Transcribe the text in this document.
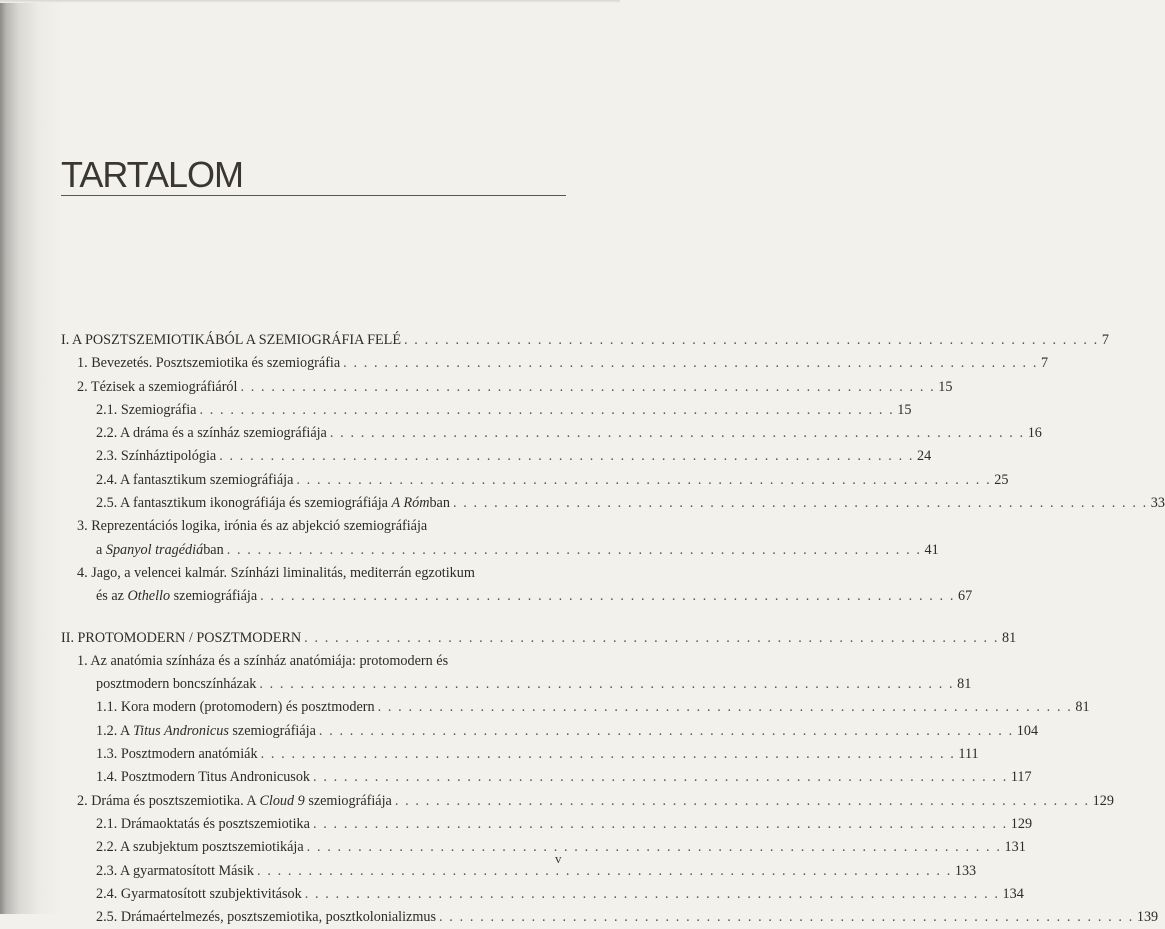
TARTALOM
I. A POSZTSZEMIOTIKÁBÓL A SZEMIOGRÁFIA FELÉ . . . . . . . . . . . . . . . . . . . . . . . . . . . . . . . . . . . . . . . . . . . . . . . . . . . . . . . . . . . . . . . . . . . . 7
1. Bevezetés. Posztszemiotika és szemiográfia . . . . . . . . . . . . . . . . . . . . . . . . . . . . . . . . . . . . . . . . . . . . . . . . . . . . . . . . . . . . . . . . . . . . 7
2. Tézisek a szemiográfiáról . . . . . . . . . . . . . . . . . . . . . . . . . . . . . . . . . . . . . . . . . . . . . . . . . . . . . . . . . . . . . . . . . . . . 15
2.1. Szemiográfia . . . . . . . . . . . . . . . . . . . . . . . . . . . . . . . . . . . . . . . . . . . . . . . . . . . . . . . . . . . . . . . . . . . . 15
2.2. A dráma és a színház szemiográfiája . . . . . . . . . . . . . . . . . . . . . . . . . . . . . . . . . . . . . . . . . . . . . . . . . . . . . . . . . . . . . . . . . . . . 16
2.3. Színháztipológia . . . . . . . . . . . . . . . . . . . . . . . . . . . . . . . . . . . . . . . . . . . . . . . . . . . . . . . . . . . . . . . . . . . . 24
2.4. A fantasztikum szemiográfiája . . . . . . . . . . . . . . . . . . . . . . . . . . . . . . . . . . . . . . . . . . . . . . . . . . . . . . . . . . . . . . . . . . . . 25
2.5. A fantasztikum ikonográfiája és szemiográfiája A Rómban . . . . . . . . . . . . . . . . . . . . . . . . . . . . . . . . . . . . . . . . . . . . . . . . . . . . . . . . . . . . . . . . . . . . 33
3. Reprezentációs logika, irónia és az abjekció szemiográfiája
a Spanyol tragédiában . . . . . . . . . . . . . . . . . . . . . . . . . . . . . . . . . . . . . . . . . . . . . . . . . . . . . . . . . . . . . . . . . . . . 41
4. Jago, a velencei kalmár. Színházi liminalitás, mediterrán egzotikum
és az Othello szemiográfiája . . . . . . . . . . . . . . . . . . . . . . . . . . . . . . . . . . . . . . . . . . . . . . . . . . . . . . . . . . . . . . . . . . . . 67
II. PROTOMODERN / POSZTMODERN . . . . . . . . . . . . . . . . . . . . . . . . . . . . . . . . . . . . . . . . . . . . . . . . . . . . . . . . . . . . . . . . . . . . 81
1. Az anatómia színháza és a színház anatómiája: protomodern és
posztmodern boncszínházak . . . . . . . . . . . . . . . . . . . . . . . . . . . . . . . . . . . . . . . . . . . . . . . . . . . . . . . . . . . . . . . . . . . . 81
1.1. Kora modern (protomodern) és posztmodern . . . . . . . . . . . . . . . . . . . . . . . . . . . . . . . . . . . . . . . . . . . . . . . . . . . . . . . . . . . . . . . . . . . . 81
1.2. A Titus Andronicus szemiográfiája . . . . . . . . . . . . . . . . . . . . . . . . . . . . . . . . . . . . . . . . . . . . . . . . . . . . . . . . . . . . . . . . . . . . 104
1.3. Posztmodern anatómiák . . . . . . . . . . . . . . . . . . . . . . . . . . . . . . . . . . . . . . . . . . . . . . . . . . . . . . . . . . . . . . . . . . . . 111
1.4. Posztmodern Titus Andronicusok . . . . . . . . . . . . . . . . . . . . . . . . . . . . . . . . . . . . . . . . . . . . . . . . . . . . . . . . . . . . . . . . . . . . 117
2. Dráma és posztszemiotika. A Cloud 9 szemiográfiája . . . . . . . . . . . . . . . . . . . . . . . . . . . . . . . . . . . . . . . . . . . . . . . . . . . . . . . . . . . . . . . . . . . . 129
2.1. Drámaoktatás és posztszemiotika . . . . . . . . . . . . . . . . . . . . . . . . . . . . . . . . . . . . . . . . . . . . . . . . . . . . . . . . . . . . . . . . . . . . 129
2.2. A szubjektum posztszemiotikája . . . . . . . . . . . . . . . . . . . . . . . . . . . . . . . . . . . . . . . . . . . . . . . . . . . . . . . . . . . . . . . . . . . . 131
2.3. A gyarmatosított Másik . . . . . . . . . . . . . . . . . . . . . . . . . . . . . . . . . . . . . . . . . . . . . . . . . . . . . . . . . . . . . . . . . . . . 133
2.4. Gyarmatosított szubjektivitások . . . . . . . . . . . . . . . . . . . . . . . . . . . . . . . . . . . . . . . . . . . . . . . . . . . . . . . . . . . . . . . . . . . . 134
2.5. Drámaértelmezés, posztszemiotika, posztkolonializmus . . . . . . . . . . . . . . . . . . . . . . . . . . . . . . . . . . . . . . . . . . . . . . . . . . . . . . . . . . . . . . . . . . . . 139
v
